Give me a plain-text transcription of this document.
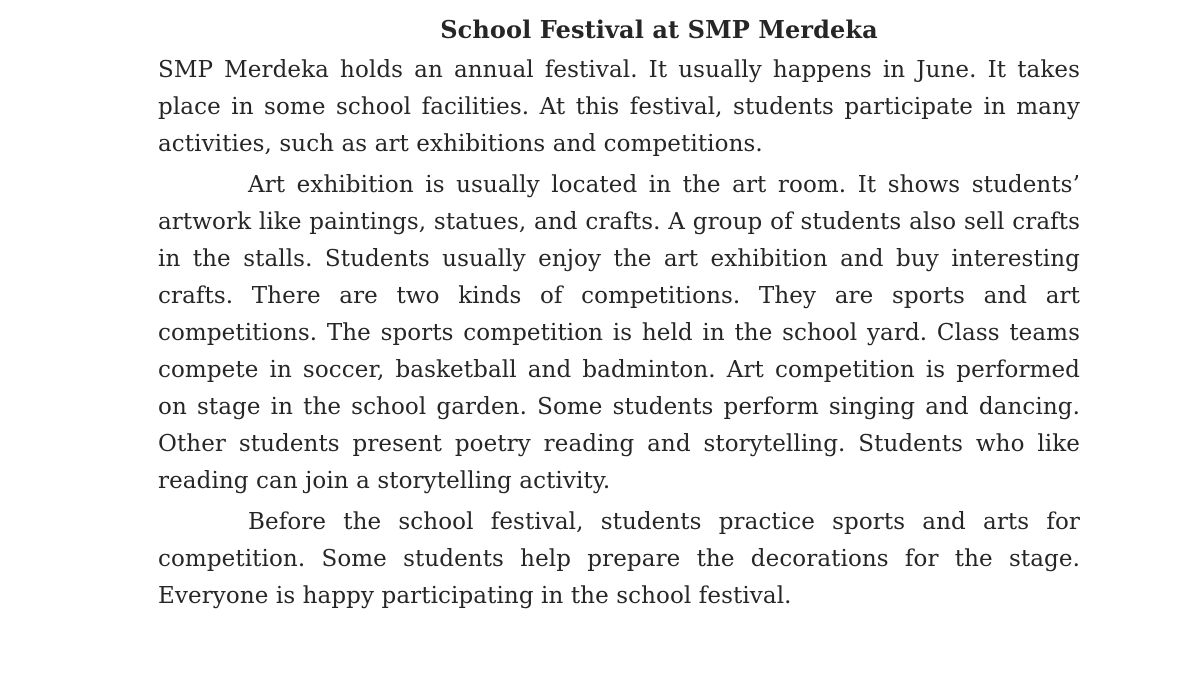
School Festival at SMP Merdeka

SMP Merdeka holds an annual festival. It usually happens in June. It takes place in some school facilities. At this festival, students participate in many activities, such as art exhibitions and competitions.

Art exhibition is usually located in the art room. It shows students’ artwork like paintings, statues, and crafts. A group of students also sell crafts in the stalls. Students usually enjoy the art exhibition and buy interesting crafts. There are two kinds of competitions. They are sports and art competitions. The sports competition is held in the school yard. Class teams compete in soccer, basketball and badminton. Art competition is performed on stage in the school garden. Some students perform singing and dancing. Other students present poetry reading and storytelling. Students who like reading can join a storytelling activity.

Before the school festival, students practice sports and arts for competition. Some students help prepare the decorations for the stage. Everyone is happy participating in the school festival.
